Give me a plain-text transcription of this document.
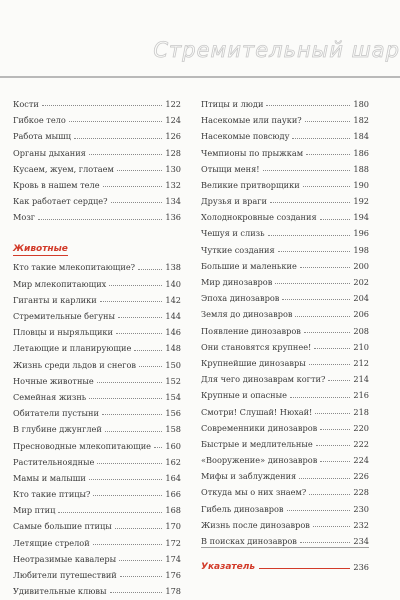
Стремительный шар
Кости	122
Гибкое тело	124
Работа мышц	126
Органы дыхания	128
Кусаем, жуем, глотаем	130
Кровь в нашем теле	132
Как работает сердце?	134
Мозг	136
Животные
Кто такие млекопитающие?	138
Мир млекопитающих	140
Гиганты и карлики	142
Стремительные бегуны	144
Пловцы и ныряльщики	146
Летающие и планирующие	148
Жизнь среди льдов и снегов	150
Ночные животные	152
Семейная жизнь	154
Обитатели пустыни	156
В глубине джунглей	158
Пресноводные млекопитающие	160
Растительноядные	162
Мамы и малыши	164
Кто такие птицы?	166
Мир птиц	168
Самые большие птицы	170
Летящие стрелой	172
Неотразимые кавалеры	174
Любители путешествий	176
Удивительные клювы	178
Птицы и люди	180
Насекомые или пауки?	182
Насекомые повсюду	184
Чемпионы по прыжкам	186
Отыщи меня!	188
Великие притворщики	190
Друзья и враги	192
Холоднокровные создания	194
Чешуя и слизь	196
Чуткие создания	198
Большие и маленькие	200
Мир динозавров	202
Эпоха динозавров	204
Земля до динозавров	206
Появление динозавров	208
Они становятся крупнее!	210
Крупнейшие динозавры	212
Для чего динозаврам когти?	214
Крупные и опасные	216
Смотри! Слушай! Нюхай!	218
Современники динозавров	220
Быстрые и медлительные	222
«Вооружение» динозавров	224
Мифы и заблуждения	226
Откуда мы о них знаем?	228
Гибель динозавров	230
Жизнь после динозавров	232
В поисках динозавров	234
Указатель	236
